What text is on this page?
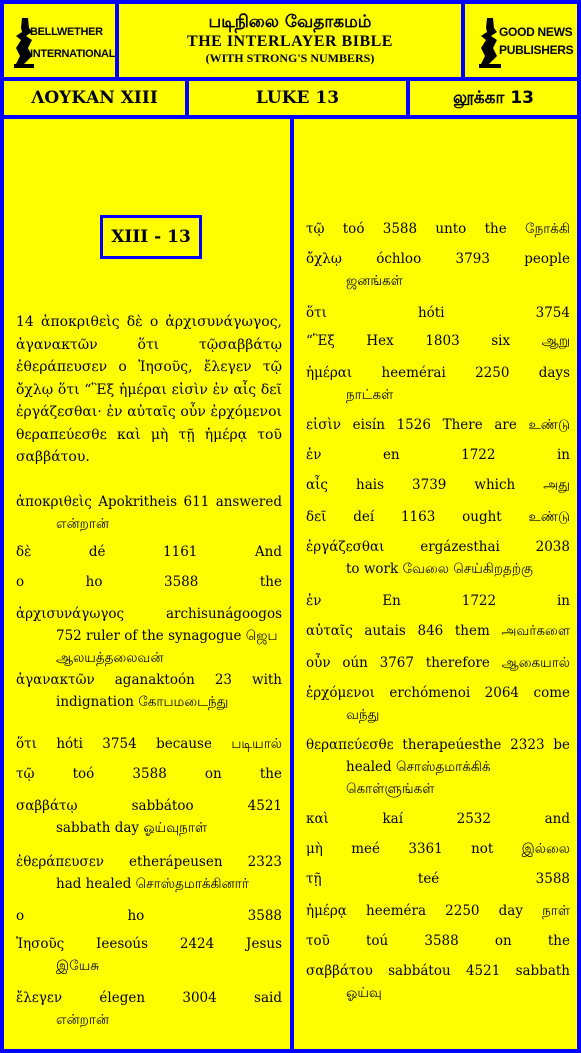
BELLWETHER
INTERNATIONAL
படிநிலை வேதாகமம்
THE INTERLAYER BIBLE
(WITH STRONG'S NUMBERS)
GOOD NEWS
PUBLISHERS
ΛΟΥΚΑΝ XIII	LUKE 13	லூக்கா 13
XIII - 13
14 ἀποκριθεὶς δὲ ο ἀρχισυνάγωγος, ἀγανακτῶν ὅτι τῷσαββάτῳ ἐθεράπευσεν ο Ἰησοῦς, ἔλεγεν τῷ ὄχλῳ ὅτι “Ἓξ ἡμέραι εἰσὶν ἐν αἷς δεῖ ἐργάζεσθαι· ἐν αὐταῖς οὖν ἐρχόμενοι θεραπεύεσθε καὶ μὴ τῇ ἡμέρᾳ τοῦ σαββάτου.
ἀποκριθεὶς Apokritheis 611 answered
என்றான்
δὲ dé 1161 And
ο ho 3588 the
ἀρχισυνάγωγος archisunágoogos
752 ruler of the synagogue ஜெப ஆலயத்தலைவன்
ἀγανακτῶν aganaktoón 23 with
indignation கோபமடைந்து
ὅτι hóti 3754 because படியால்
τῷ toó 3588 on the
σαββάτῳ sabbátoo 4521
sabbath day ஓய்வுநாள்
ἐθεράπευσεν etherápeusen 2323
had healed சொஸ்தமாக்கினார்
ο ho 3588
Ἰησοῦς Ieesoús 2424 Jesus
இயேசு
ἔλεγεν élegen 3004 said
என்றான்
τῷ toó 3588 unto the நோக்கி
ὄχλῳ óchloo 3793 people
ஜனங்கள்
ὅτι hóti 3754
“Ἓξ Hex 1803 six ஆறு
ἡμέραι heemérai 2250 days
நாட்கள்
εἰσὶν eisín 1526 There are உண்டு
ἐν en 1722 in
αἷς hais 3739 which அது
δεῖ deí 1163 ought உண்டு
ἐργάζεσθαι ergázesthai 2038
to work வேலை செய்கிறதற்கு
ἐν En 1722 in
αὐταῖς autais 846 them அவர்களை
οὖν oún 3767 therefore ஆகையால்
ἐρχόμενοι erchómenoi 2064 come
வந்து
θεραπεύεσθε therapeúesthe 2323 be
healed சொஸ்தமாக்கிக் கொள்ளுங்கள்
καὶ kaí 2532 and
μὴ meé 3361 not இல்லை
τῇ teé 3588
ἡμέρᾳ heeméra 2250 day நாள்
τοῦ toú 3588 on the
σαββάτου sabbátou 4521 sabbath
ஓய்வு
